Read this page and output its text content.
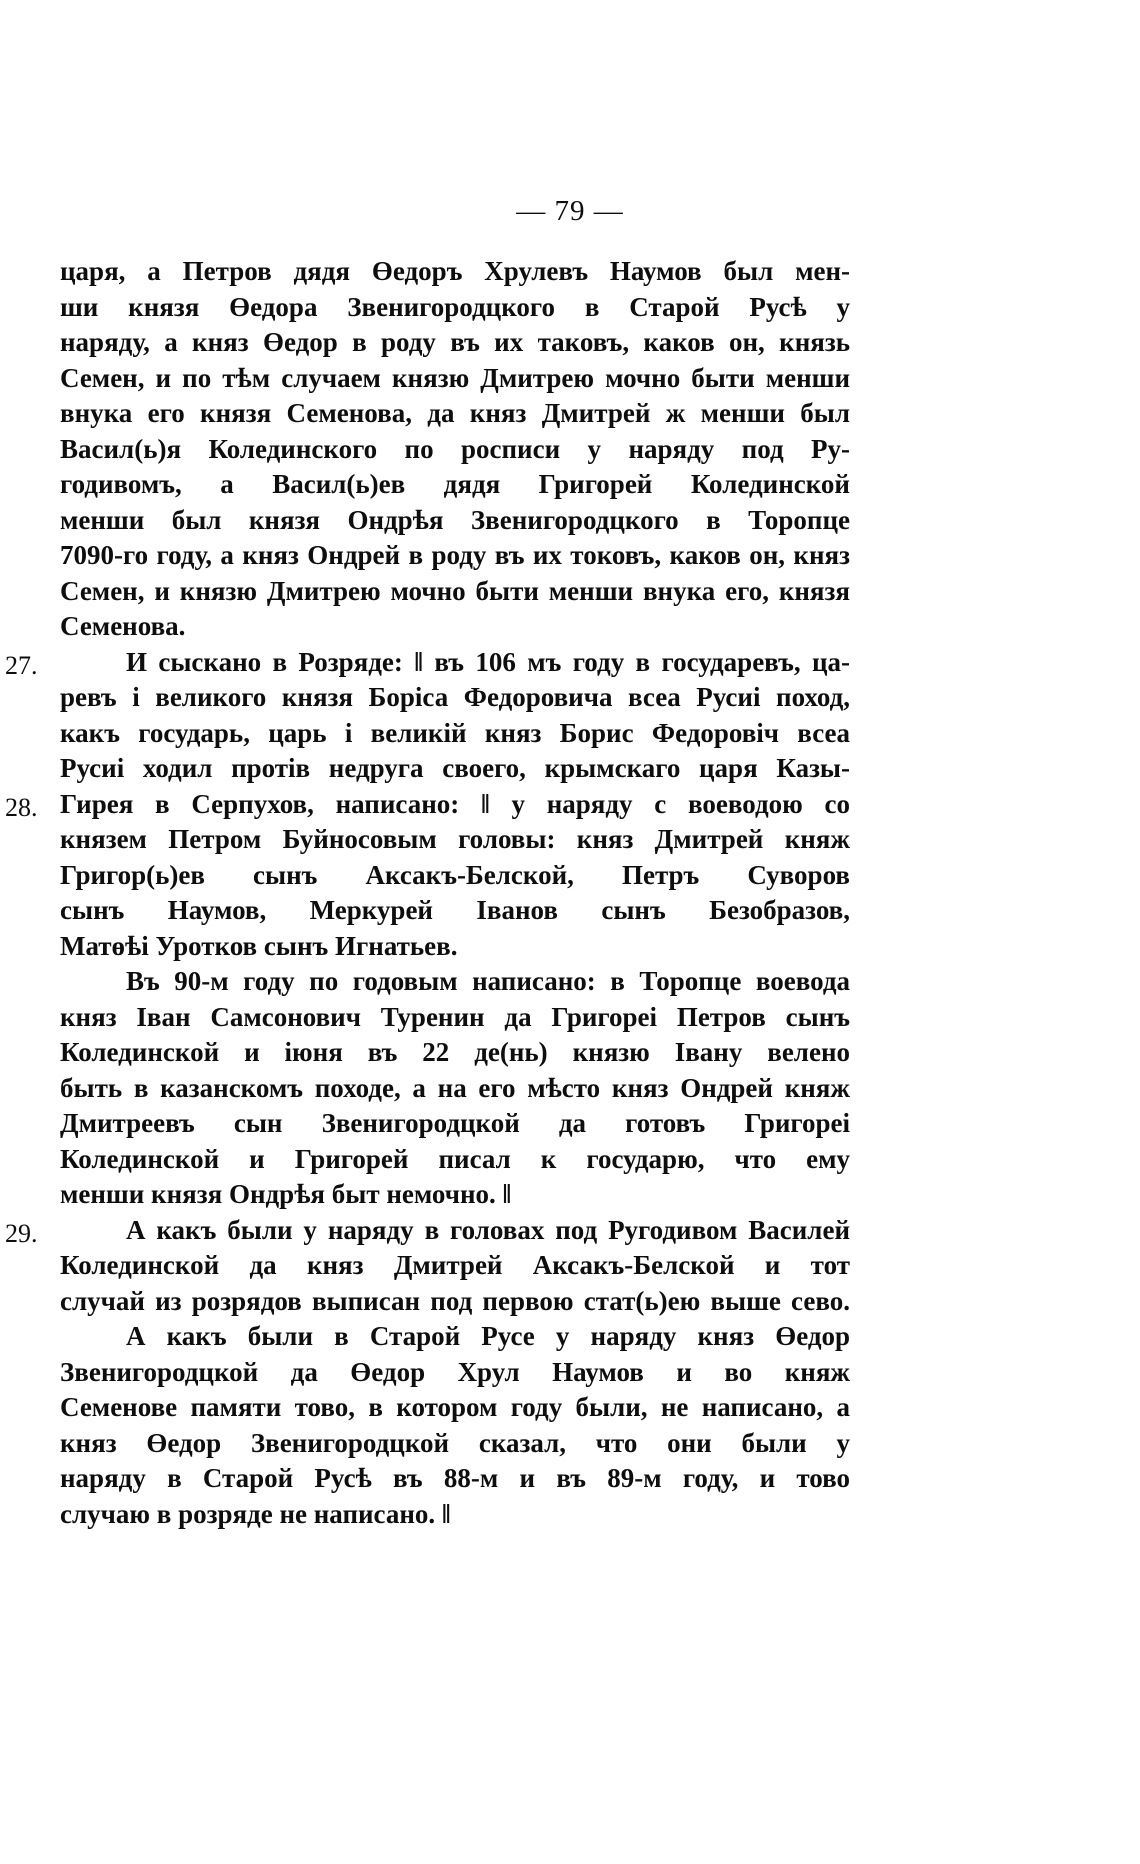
— 79 —
царя, а Петров дядя Өедоръ Хрулевъ Наумов был мен-
ши князя Өедора Звенигородцкого в Старой Русѣ у
наряду, а княз Өедор в роду въ их таковъ, каков он, князь
Семен, и по тѣм случаем князю Дмитрею мочно быти менши
внука его князя Семенова, да княз Дмитрей ж менши был
Васил(ь)я Колединского по росписи у наряду под Ру-
годивомъ, а Васил(ь)ев дядя Григорей Колединской
менши был князя Ондрѣя Звенигородцкого в Торопце
7090-го году, а княз Ондрей в роду въ их токовъ, каков он, княз
Семен, и князю Дмитрею мочно быти менши внука его, князя
Семенова.
27.	И сыскано в Розряде: ‖ въ 106 мъ году в государевъ, ца-
ревъ і великого князя Боріса Федоровича всеа Русиі поход,
какъ государь, царь і великій княз Борис Федоровіч всеа
Русиі ходил протів недруга своего, крымскаго царя Казы-
28. Гирея в Серпухов, написано: ‖ у наряду с воеводою со
князем Петром Буйносовым головы: княз Дмитрей княж
Григор(ь)ев сынъ Аксакъ-Белской, Петръ Суворов
сынъ Наумов, Меркурей Іванов сынъ Безобразов,
Матөѣі Уротков сынъ Игнатьев.
Въ 90-м году по годовым написано: в Торопце воевода
княз Іван Самсонович Туренин да Григореі Петров сынъ
Колединской и іюня въ 22 де(нь) князю Івану велено
быть в казанскомъ походе, а на его мѣсто княз Ондрей княж
Дмитреевъ сын Звенигородцкой да готовъ Григореі
Колединской и Григорей писал к государю, что ему
менши князя Ондрѣя быт немочно. ‖
29.	А какъ были у наряду в головах под Ругодивом Василей
Колединской да княз Дмитрей Аксакъ-Белской и тот
случай из розрядов выписан под первою стат(ь)ею выше сево.
А какъ были в Старой Русе у наряду княз Өедор
Звенигородцкой да Өедор Хрул Наумов и во княж
Семенове памяти тово, в котором году были, не написано, а
княз Өедор Звенигородцкой сказал, что они были у
наряду в Старой Русѣ въ 88-м и въ 89-м году, и тово
случаю в розряде не написано. ‖
